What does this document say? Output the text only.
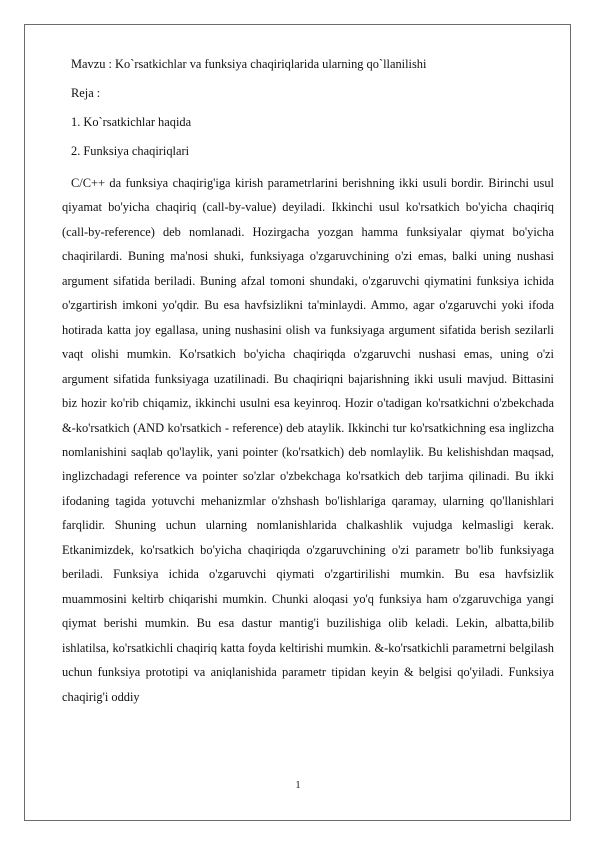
Mavzu : Ko`rsatkichlar va funksiya chaqiriqlarida ularning qo`llanilishi

Reja :

1. Ko`rsatkichlar haqida

2. Funksiya chaqiriqlari

C/C++ da funksiya chaqirig'iga kirish parametrlarini berishning ikki usuli bordir. Birinchi usul qiyamat bo'yicha chaqiriq (call-by-value) deyiladi. Ikkinchi usul ko'rsatkich bo'yicha chaqiriq (call-by-reference) deb nomlanadi. Hozirgacha yozgan hamma funksiyalar qiymat bo'yicha chaqirilardi. Buning ma'nosi shuki, funksiyaga o'zgaruvchining o'zi emas, balki uning nushasi argument sifatida beriladi. Buning afzal tomoni shundaki, o'zgaruvchi qiymatini funksiya ichida o'zgartirish imkoni yo'qdir. Bu esa havfsizlikni ta'minlaydi. Ammo, agar o'zgaruvchi yoki ifoda hotirada katta joy egallasa, uning nushasini olish va funksiyaga argument sifatida berish sezilarli vaqt olishi mumkin. Ko'rsatkich bo'yicha chaqiriqda o'zgaruvchi nushasi emas, uning o'zi argument sifatida funksiyaga uzatilinadi. Bu chaqiriqni bajarishning ikki usuli mavjud. Bittasini biz hozir ko'rib chiqamiz, ikkinchi usulni esa keyinroq. Hozir o'tadigan ko'rsatkichni o'zbekchada &-ko'rsatkich (AND ko'rsatkich - reference) deb ataylik. Ikkinchi tur ko'rsatkichning esa inglizcha nomlanishini saqlab qo'laylik, yani pointer (ko'rsatkich) deb nomlaylik. Bu kelishishdan maqsad, inglizchadagi reference va pointer so'zlar o'zbekchaga ko'rsatkich deb tarjima qilinadi. Bu ikki ifodaning tagida yotuvchi mehanizmlar o'zhshash bo'lishlariga qaramay, ularning qo'llanishlari farqlidir. Shuning uchun ularning nomlanishlarida chalkashlik vujudga kelmasligi kerak. Etkanimizdek, ko'rsatkich bo'yicha chaqiriqda o'zgaruvchining o'zi parametr bo'lib funksiyaga beriladi. Funksiya ichida o'zgaruvchi qiymati o'zgartirilishi mumkin. Bu esa havfsizlik muammosini keltirb chiqarishi mumkin. Chunki aloqasi yo'q funksiya ham o'zgaruvchiga yangi qiymat berishi mumkin. Bu esa dastur mantig'i buzilishiga olib keladi. Lekin, albatta,bilib ishlatilsa, ko'rsatkichli chaqiriq katta foyda keltirishi mumkin. &-ko'rsatkichli parametrni belgilash uchun funksiya prototipi va aniqlanishida parametr tipidan keyin & belgisi qo'yiladi. Funksiya chaqirig'i oddiy

1
